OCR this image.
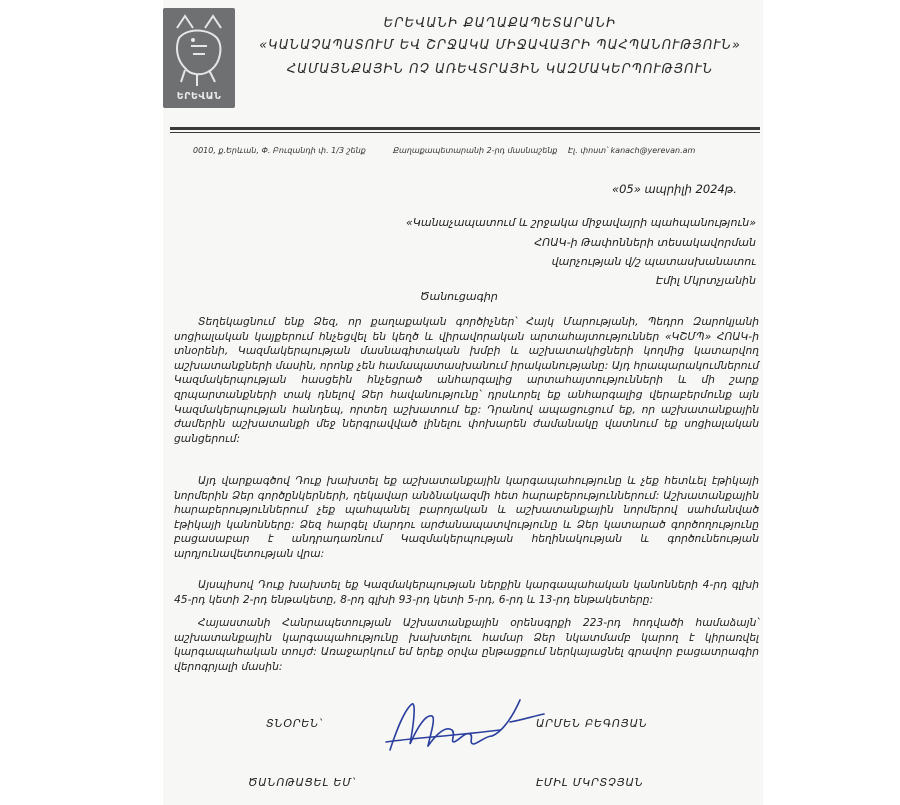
ԵՐԵՎԱՆ
ԵՐԵՎԱՆԻ ՔԱՂԱՔԱՊԵՏԱՐԱՆԻ
«ԿԱՆԱՉԱՊԱՏՈՒՄ ԵՎ ՇՐՋԱԿԱ ՄԻՋԱՎԱՅՐԻ ՊԱՀՊԱՆՈՒԹՅՈՒՆ»
ՀԱՄԱՅՆՔԱՅԻՆ ՈՉ ԱՌԵՎՏՐԱՅԻՆ ԿԱԶՄԱԿԵՐՊՈՒԹՅՈՒՆ
0010, ք.Երևան, Փ. Բուզանդի փ. 1/3 շենք	Քաղաքապետարանի 2-րդ մասնաշենք Էլ. փոստ՝ kanach@yerevan.am
«05» ապրիլի 2024թ.
«Կանաչապատում և շրջակա միջավայրի պահպանություն»
ՀՈԱԿ-ի Թափոնների տեսակավորման
վարչության վ/շ պատասխանատու
Էմիլ Մկրտչյանին
Ծանուցագիր
Տեղեկացնում ենք Ձեզ, որ քաղաքական գործիչներ՝ Հայկ Մարությանի, Պեդրո Զարոկյանի սոցիալական կայքերում հնչեցվել են կեղծ և վիրավորական արտահայտություններ «ԿՇՄՊ» ՀՈԱԿ-ի տնօրենի, Կազմակերպության մասնագիտական խմբի և աշխատակիցների կողմից կատարվող աշխատանքների մասին, որոնք չեն համապատասխանում իրականությանը: Այդ հրապարակումներում Կազմակերպության հասցեին հնչեցրած անհարգալից արտահայտությունների և մի շարք զրպարտանքների տակ դնելով Ձեր հավանությունը՝ դրսևորել եք անհարգալից վերաբերմունք այն Կազմակերպության հանդեպ, որտեղ աշխատում եք: Դրանով ապացուցում եք, որ աշխատանքային ժամերին աշխատանքի մեջ ներգրավված լինելու փոխարեն ժամանակը վատնում եք սոցիալական ցանցերում:
Այդ վարքագծով Դուք խախտել եք աշխատանքային կարգապահությունը և չեք հետևել էթիկայի նորմերին Ձեր գործընկերների, ղեկավար անձնակազմի հետ հարաբերություններում: Աշխատանքային հարաբերություններում չեք պահպանել բարոյական և աշխատանքային նորմերով սահմանված էթիկայի կանոնները: Ձեզ հարգել մարդու արժանապատվությունը և Ձեր կատարած գործողությունը բացասաբար է անդրադառնում Կազմակերպության հեղինակության և գործունեության արդյունավետության վրա:
Այսպիսով Դուք խախտել եք Կազմակերպության ներքին կարգապահական կանոնների 4-րդ գլխի 45-րդ կետի 2-րդ ենթակետը, 8-րդ գլխի 93-րդ կետի 5-րդ, 6-րդ և 13-րդ ենթակետերը:
Հայաստանի Հանրապետության Աշխատանքային օրենսգրքի 223-րդ հոդվածի համաձայն՝ աշխատանքային կարգապահությունը խախտելու համար Ձեր նկատմամբ կարող է կիրառվել կարգապահական տույժ: Առաջարկում եմ երեք օրվա ընթացքում ներկայացնել գրավոր բացատրագիր վերոգրյալի մասին:
ՏՆՕՐԵՆ՝	ԱՐՄԵՆ ԲԵԳՈՅԱՆ
ԾԱՆՈԹԱՑԵԼ ԵՄ՝	ԷՄԻԼ ՄԿՐՏՉՅԱՆ
